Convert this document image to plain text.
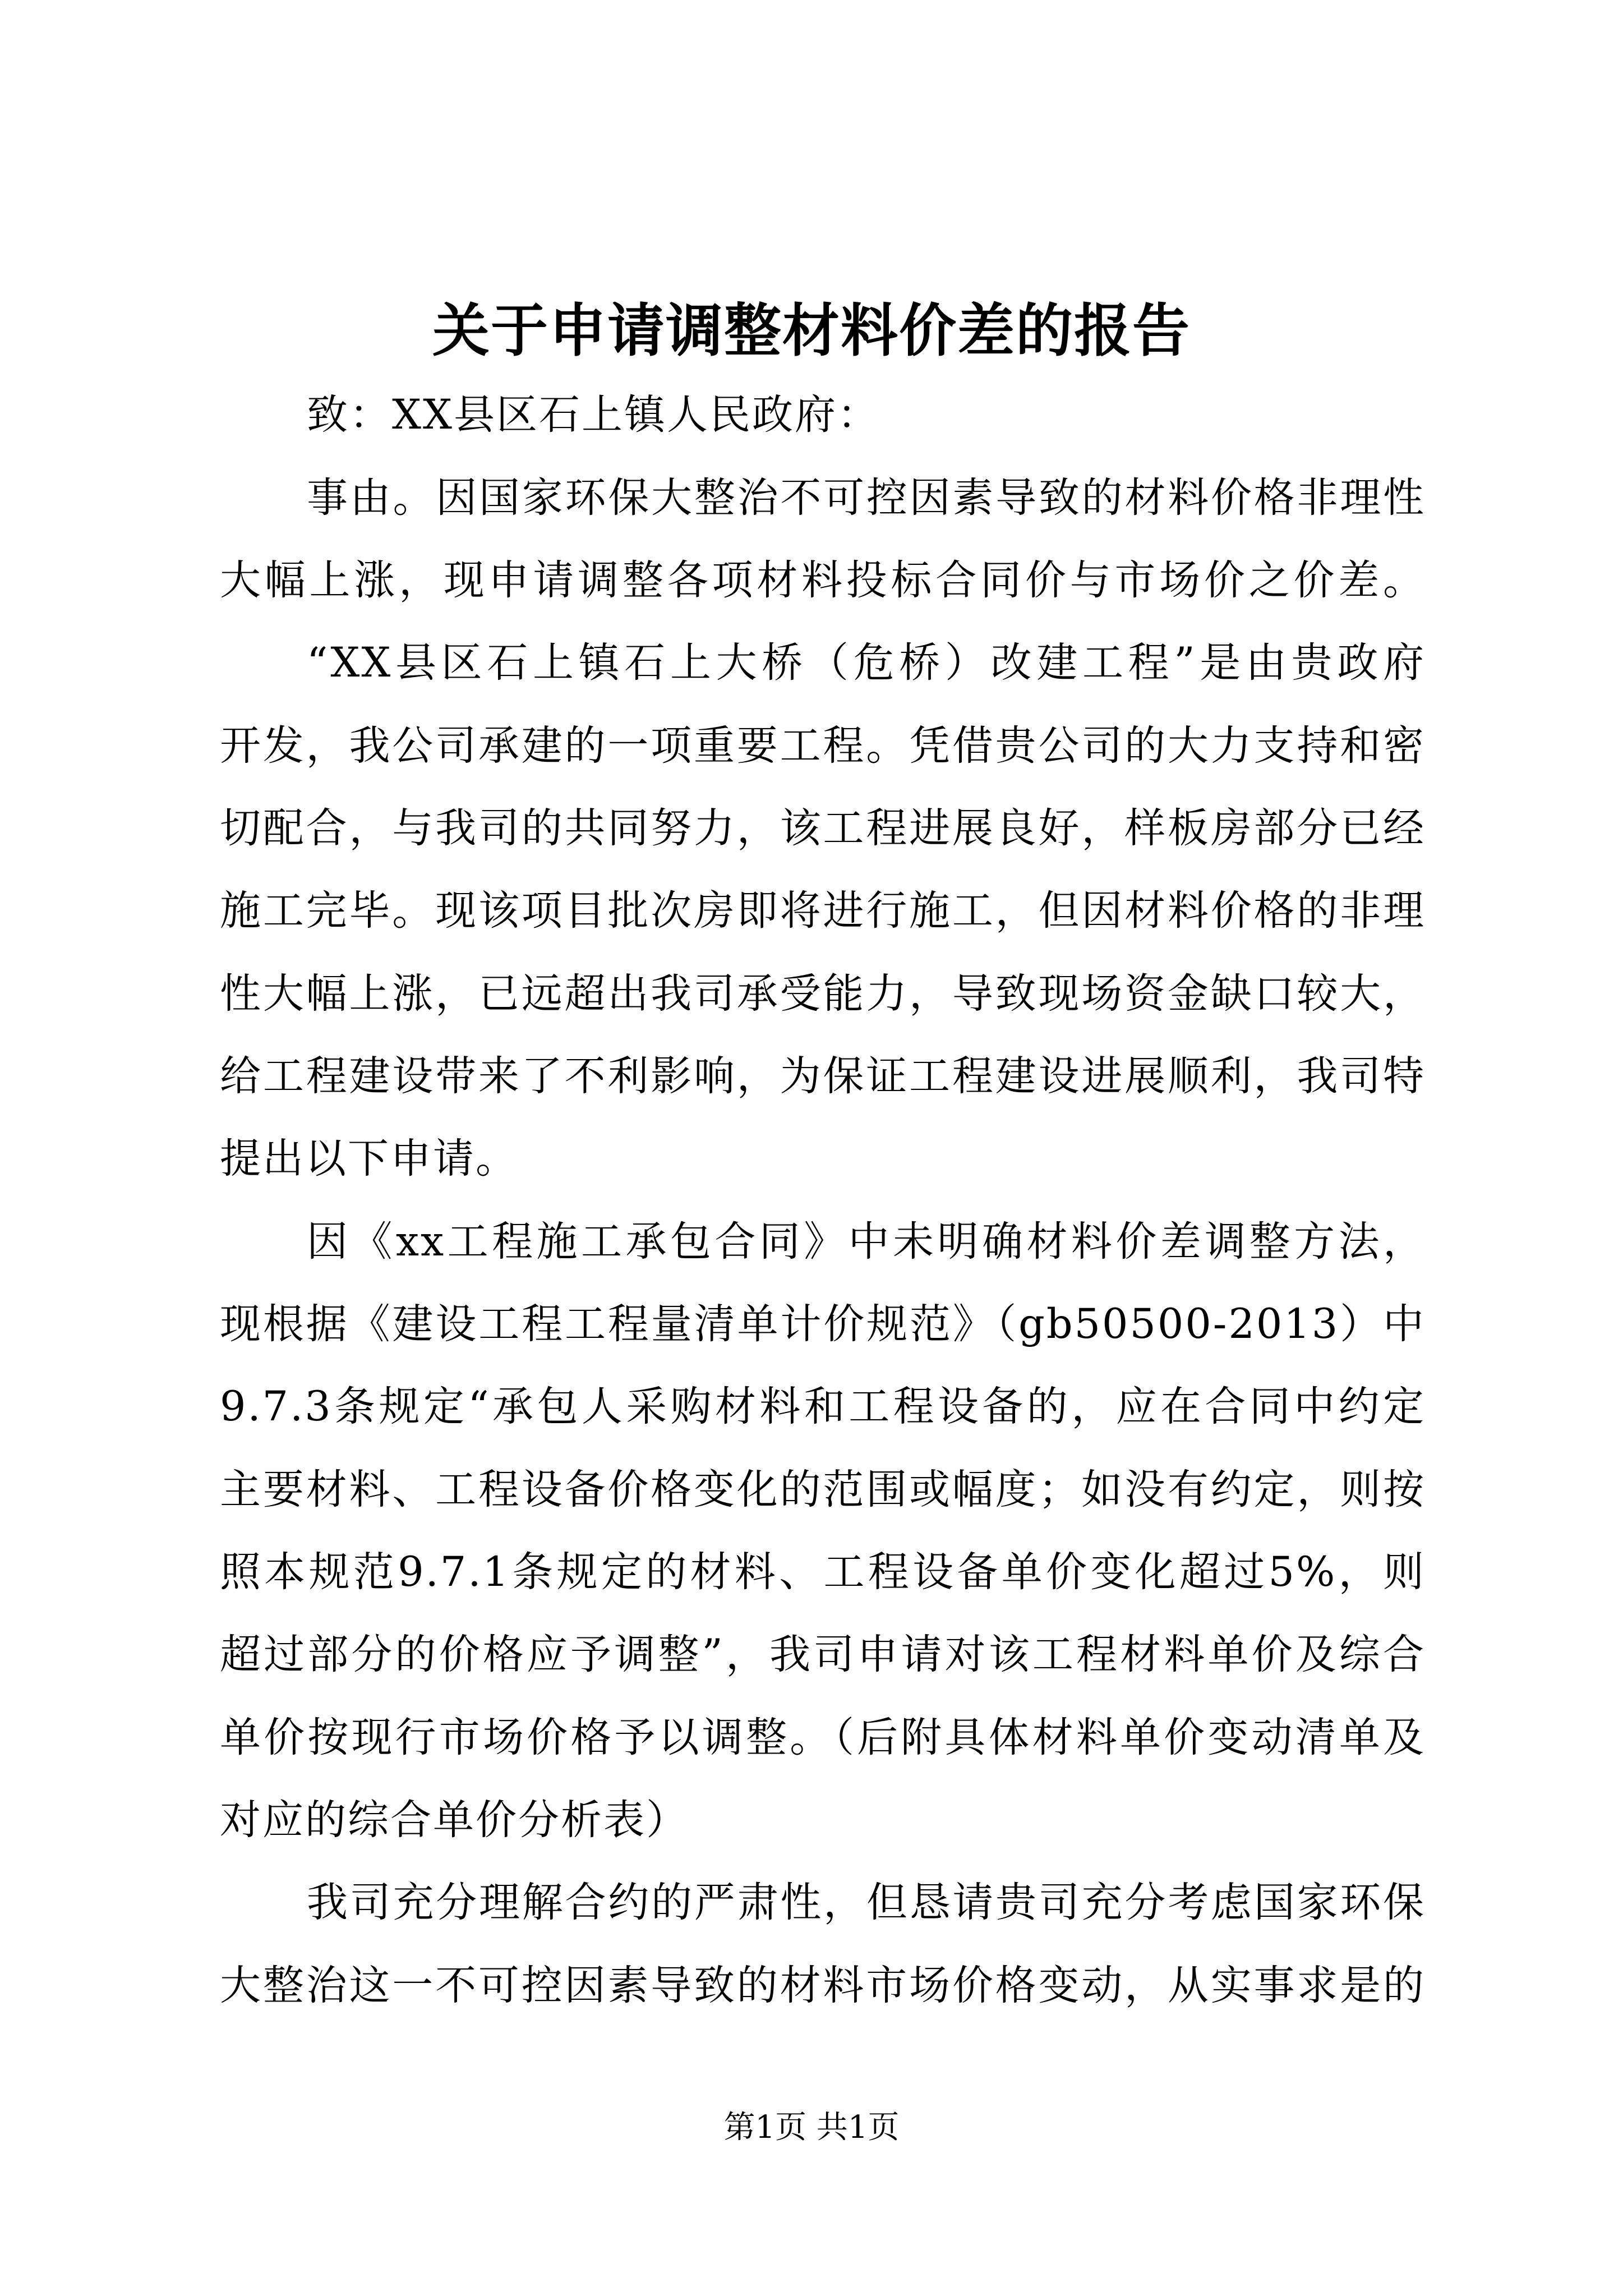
关于申请调整材料价差的报告

致：XX县区石上镇人民政府：

事由。因国家环保大整治不可控因素导致的材料价格非理性

大幅上涨，现申请调整各项材料投标合同价与市场价之价差。

“XX县区石上镇石上大桥（危桥）改建工程”是由贵政府

开发，我公司承建的一项重要工程。凭借贵公司的大力支持和密

切配合，与我司的共同努力，该工程进展良好，样板房部分已经

施工完毕。现该项目批次房即将进行施工，但因材料价格的非理

性大幅上涨，已远超出我司承受能力，导致现场资金缺口较大，

给工程建设带来了不利影响，为保证工程建设进展顺利，我司特

提出以下申请。

因《xx工程施工承包合同》中未明确材料价差调整方法，

现根据《建设工程工程量清单计价规范》（gb50500-2013）中

9.7.3条规定“承包人采购材料和工程设备的，应在合同中约定

主要材料、工程设备价格变化的范围或幅度；如没有约定，则按

照本规范9.7.1条规定的材料、工程设备单价变化超过5%，则

超过部分的价格应予调整”，我司申请对该工程材料单价及综合

单价按现行市场价格予以调整。（后附具体材料单价变动清单及

对应的综合单价分析表）

我司充分理解合约的严肃性，但恳请贵司充分考虑国家环保

大整治这一不可控因素导致的材料市场价格变动，从实事求是的

第1页 共1页
